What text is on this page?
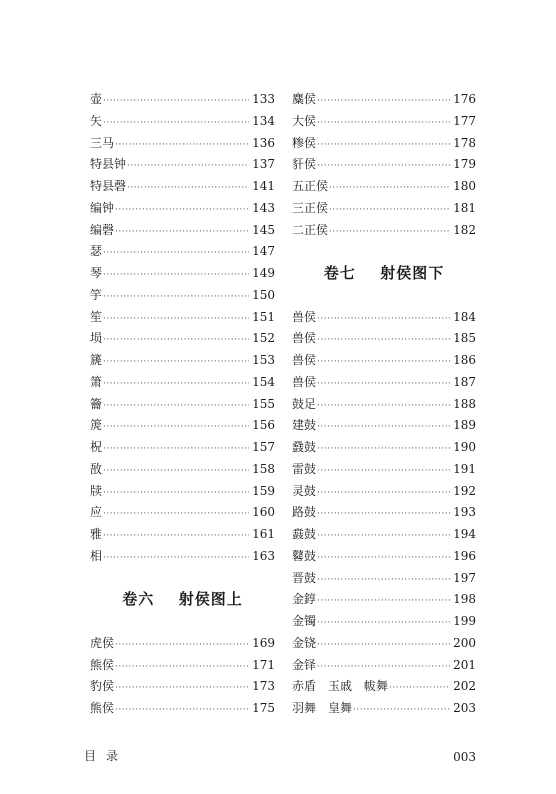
壶 ·····	133
矢 ·····	134
三马 ·····	136
特县钟 ·····	137
特县磬 ·····	141
编钟 ·····	143
编磬 ·····	145
瑟 ·····	147
琴 ·····	149
竽 ·····	150
笙 ·····	151
埙 ·····	152
篪 ·····	153
箫 ·····	154
籥 ·····	155
箎 ·····	156
柷 ·····	157
敔 ·····	158
牍 ·····	159
应 ·····	160
雅 ·····	161
相 ·····	163
卷六 射侯图上
虎侯 ·····	169
熊侯 ·····	171
豹侯 ·····	173
熊侯 ·····	175
麋侯 ·····	176
大侯 ·····	177
糁侯 ·····	178
豻侯 ·····	179
五正侯 ·····	180
三正侯 ·····	181
二正侯 ·····	182
卷七 射侯图下
兽侯 ·····	184
兽侯 ·····	185
兽侯 ·····	186
兽侯 ·····	187
鼓足 ·····	188
建鼓 ·····	189
鼗鼓 ·····	190
雷鼓 ·····	191
灵鼓 ·····	192
路鼓 ·····	193
鼖鼓 ·····	194
鼛鼓 ·····	196
晋鼓 ·····	197
金錞 ·····	198
金镯 ·····	199
金铙 ·····	200
金铎 ·····	201
赤盾　玉戚　帗舞 ·····	202
羽舞　皇舞 ·····	203
目录	003
